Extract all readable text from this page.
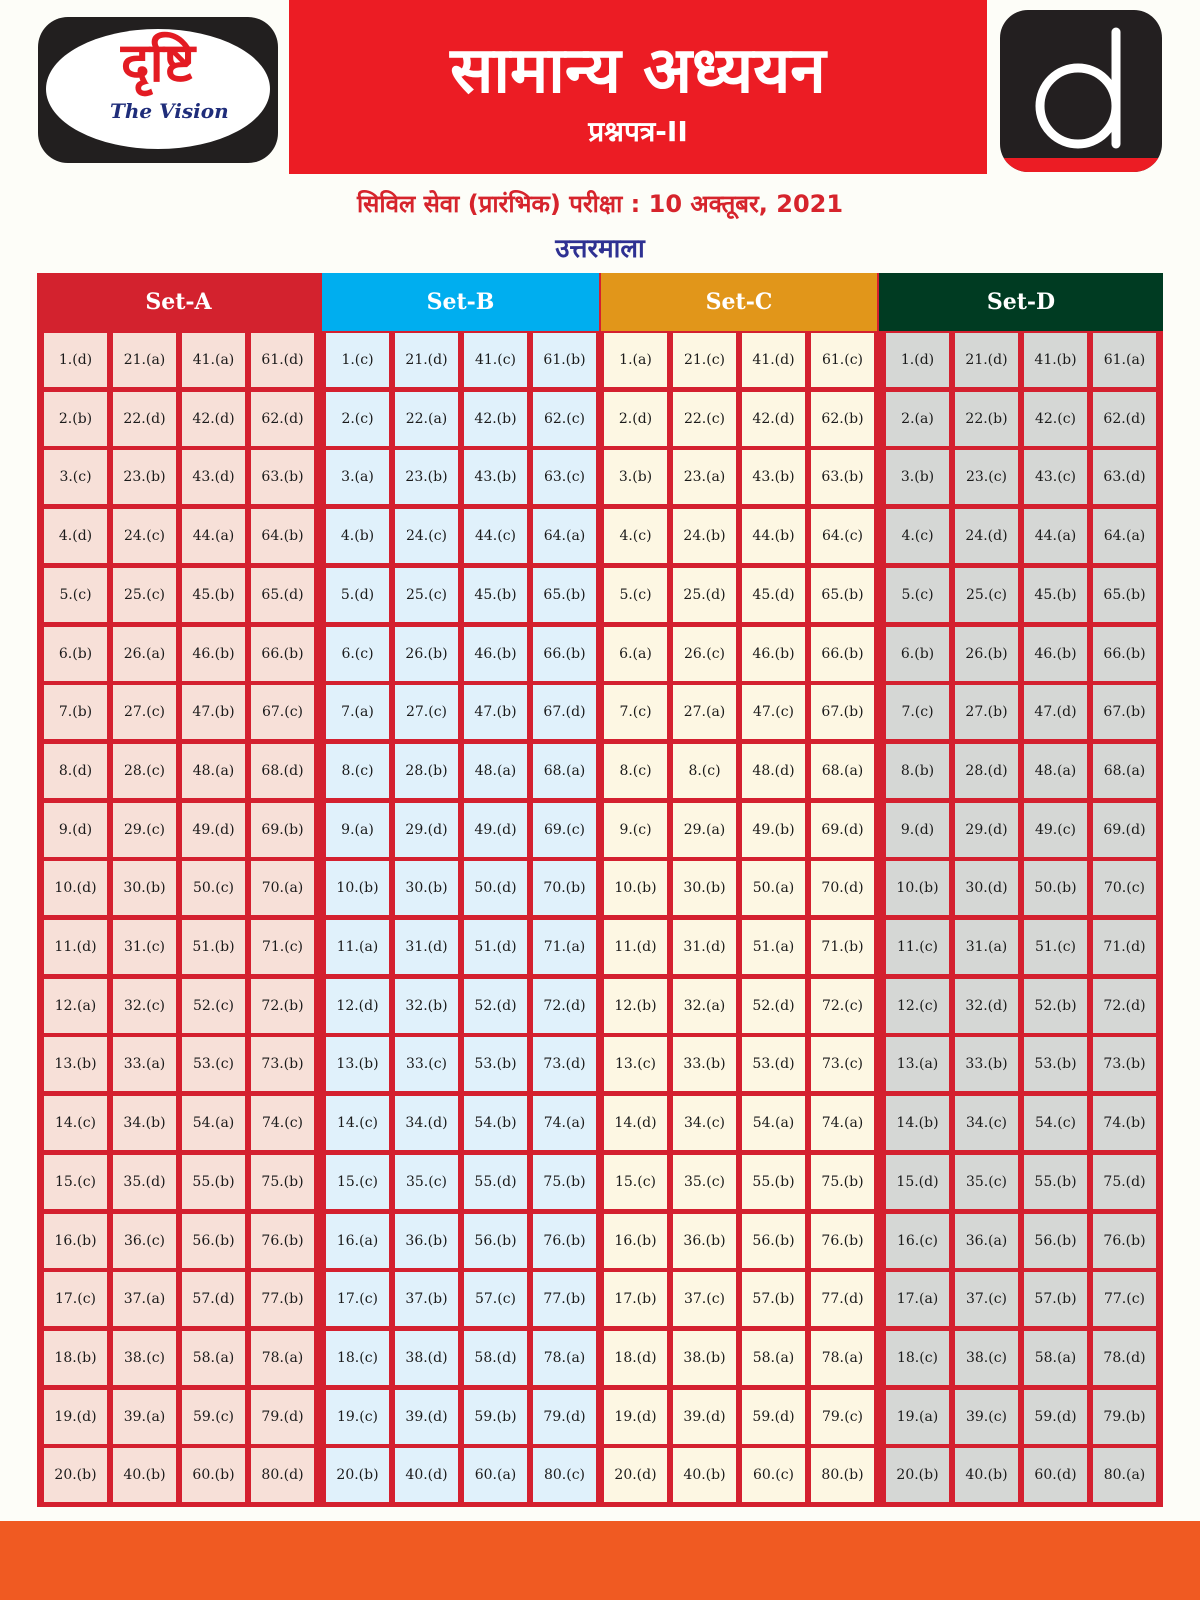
दृष्टि
The Vision
सामान्य अध्ययन
प्रश्नपत्र-II
सिविल सेवा (प्रारंभिक) परीक्षा : 10 अक्तूबर, 2021
उत्तरमाला
Set-A
1.(d)
2.(b)
3.(c)
4.(d)
5.(c)
6.(b)
7.(b)
8.(d)
9.(d)
10.(d)
11.(d)
12.(a)
13.(b)
14.(c)
15.(c)
16.(b)
17.(c)
18.(b)
19.(d)
20.(b)
21.(a)
22.(d)
23.(b)
24.(c)
25.(c)
26.(a)
27.(c)
28.(c)
29.(c)
30.(b)
31.(c)
32.(c)
33.(a)
34.(b)
35.(d)
36.(c)
37.(a)
38.(c)
39.(a)
40.(b)
41.(a)
42.(d)
43.(d)
44.(a)
45.(b)
46.(b)
47.(b)
48.(a)
49.(d)
50.(c)
51.(b)
52.(c)
53.(c)
54.(a)
55.(b)
56.(b)
57.(d)
58.(a)
59.(c)
60.(b)
61.(d)
62.(d)
63.(b)
64.(b)
65.(d)
66.(b)
67.(c)
68.(d)
69.(b)
70.(a)
71.(c)
72.(b)
73.(b)
74.(c)
75.(b)
76.(b)
77.(b)
78.(a)
79.(d)
80.(d)
Set-B
1.(c)
2.(c)
3.(a)
4.(b)
5.(d)
6.(c)
7.(a)
8.(c)
9.(a)
10.(b)
11.(a)
12.(d)
13.(b)
14.(c)
15.(c)
16.(a)
17.(c)
18.(c)
19.(c)
20.(b)
21.(d)
22.(a)
23.(b)
24.(c)
25.(c)
26.(b)
27.(c)
28.(b)
29.(d)
30.(b)
31.(d)
32.(b)
33.(c)
34.(d)
35.(c)
36.(b)
37.(b)
38.(d)
39.(d)
40.(d)
41.(c)
42.(b)
43.(b)
44.(c)
45.(b)
46.(b)
47.(b)
48.(a)
49.(d)
50.(d)
51.(d)
52.(d)
53.(b)
54.(b)
55.(d)
56.(b)
57.(c)
58.(d)
59.(b)
60.(a)
61.(b)
62.(c)
63.(c)
64.(a)
65.(b)
66.(b)
67.(d)
68.(a)
69.(c)
70.(b)
71.(a)
72.(d)
73.(d)
74.(a)
75.(b)
76.(b)
77.(b)
78.(a)
79.(d)
80.(c)
Set-C
1.(a)
2.(d)
3.(b)
4.(c)
5.(c)
6.(a)
7.(c)
8.(c)
9.(c)
10.(b)
11.(d)
12.(b)
13.(c)
14.(d)
15.(c)
16.(b)
17.(b)
18.(d)
19.(d)
20.(d)
21.(c)
22.(c)
23.(a)
24.(b)
25.(d)
26.(c)
27.(a)
8.(c)
29.(a)
30.(b)
31.(d)
32.(a)
33.(b)
34.(c)
35.(c)
36.(b)
37.(c)
38.(b)
39.(d)
40.(b)
41.(d)
42.(d)
43.(b)
44.(b)
45.(d)
46.(b)
47.(c)
48.(d)
49.(b)
50.(a)
51.(a)
52.(d)
53.(d)
54.(a)
55.(b)
56.(b)
57.(b)
58.(a)
59.(d)
60.(c)
61.(c)
62.(b)
63.(b)
64.(c)
65.(b)
66.(b)
67.(b)
68.(a)
69.(d)
70.(d)
71.(b)
72.(c)
73.(c)
74.(a)
75.(b)
76.(b)
77.(d)
78.(a)
79.(c)
80.(b)
Set-D
1.(d)
2.(a)
3.(b)
4.(c)
5.(c)
6.(b)
7.(c)
8.(b)
9.(d)
10.(b)
11.(c)
12.(c)
13.(a)
14.(b)
15.(d)
16.(c)
17.(a)
18.(c)
19.(a)
20.(b)
21.(d)
22.(b)
23.(c)
24.(d)
25.(c)
26.(b)
27.(b)
28.(d)
29.(d)
30.(d)
31.(a)
32.(d)
33.(b)
34.(c)
35.(c)
36.(a)
37.(c)
38.(c)
39.(c)
40.(b)
41.(b)
42.(c)
43.(c)
44.(a)
45.(b)
46.(b)
47.(d)
48.(a)
49.(c)
50.(b)
51.(c)
52.(b)
53.(b)
54.(c)
55.(b)
56.(b)
57.(b)
58.(a)
59.(d)
60.(d)
61.(a)
62.(d)
63.(d)
64.(a)
65.(b)
66.(b)
67.(b)
68.(a)
69.(d)
70.(c)
71.(d)
72.(d)
73.(b)
74.(b)
75.(d)
76.(b)
77.(c)
78.(d)
79.(b)
80.(a)
